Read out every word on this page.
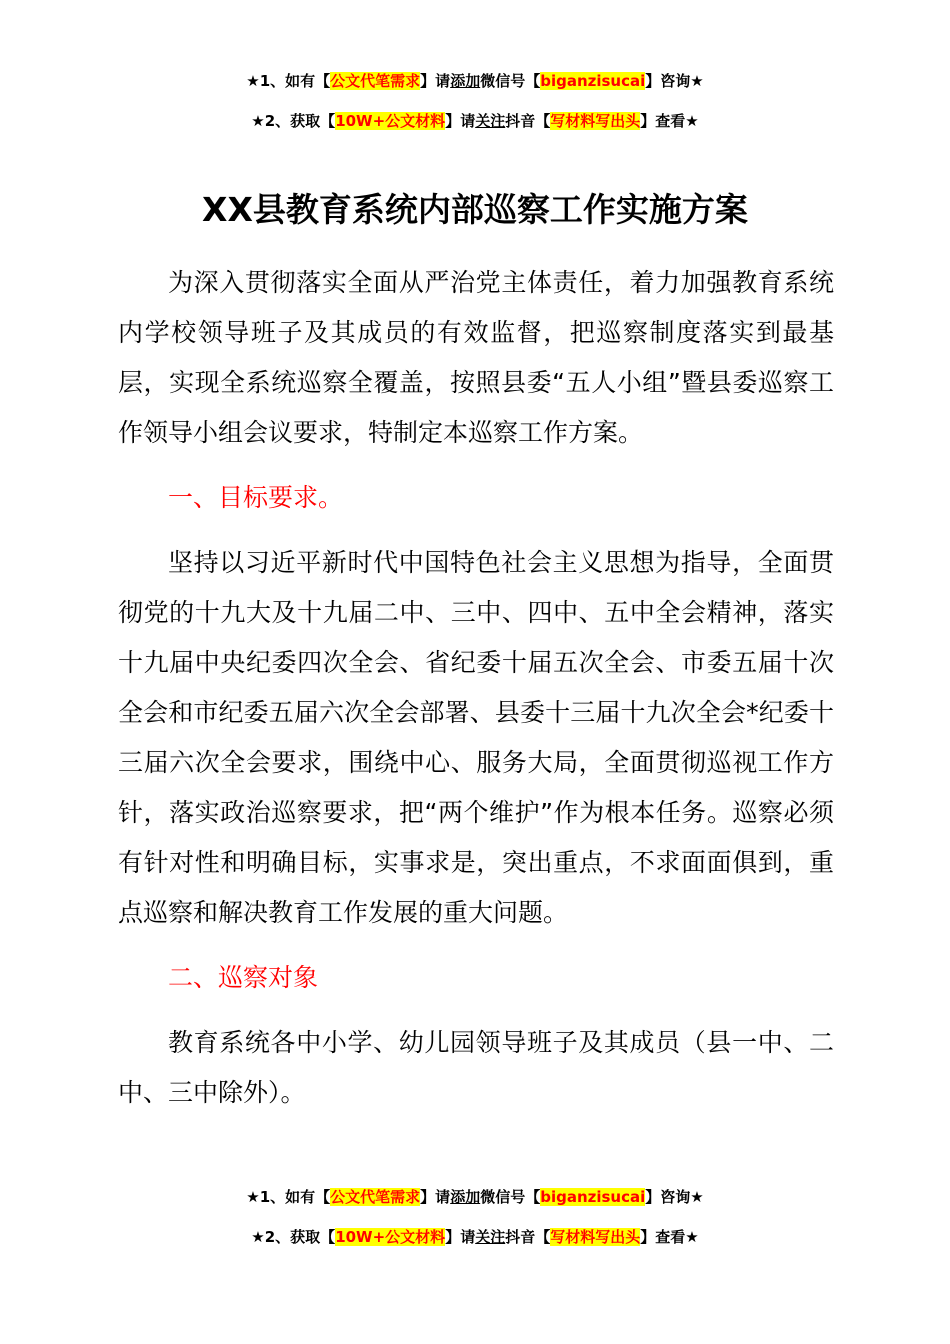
★1、如有【公文代笔需求】请添加微信号【biganzisucai】咨询★
★2、获取【10W+公文材料】请关注抖音【写材料写出头】查看★
XX县教育系统内部巡察工作实施方案

为深入贯彻落实全面从严治党主体责任，着力加强教育系统内学校领导班子及其成员的有效监督，把巡察制度落实到最基层，实现全系统巡察全覆盖，按照县委“五人小组”暨县委巡察工作领导小组会议要求，特制定本巡察工作方案。

一、目标要求。

坚持以习近平新时代中国特色社会主义思想为指导，全面贯彻党的十九大及十九届二中、三中、四中、五中全会精神，落实十九届中央纪委四次全会、省纪委十届五次全会、市委五届十次全会和市纪委五届六次全会部署、县委十三届十九次全会*纪委十三届六次全会要求，围绕中心、服务大局，全面贯彻巡视工作方针，落实政治巡察要求，把“两个维护”作为根本任务。巡察必须有针对性和明确目标，实事求是，突出重点，不求面面俱到，重点巡察和解决教育工作发展的重大问题。

二、巡察对象

教育系统各中小学、幼儿园领导班子及其成员（县一中、二中、三中除外）。

★1、如有【公文代笔需求】请添加微信号【biganzisucai】咨询★
★2、获取【10W+公文材料】请关注抖音【写材料写出头】查看★
